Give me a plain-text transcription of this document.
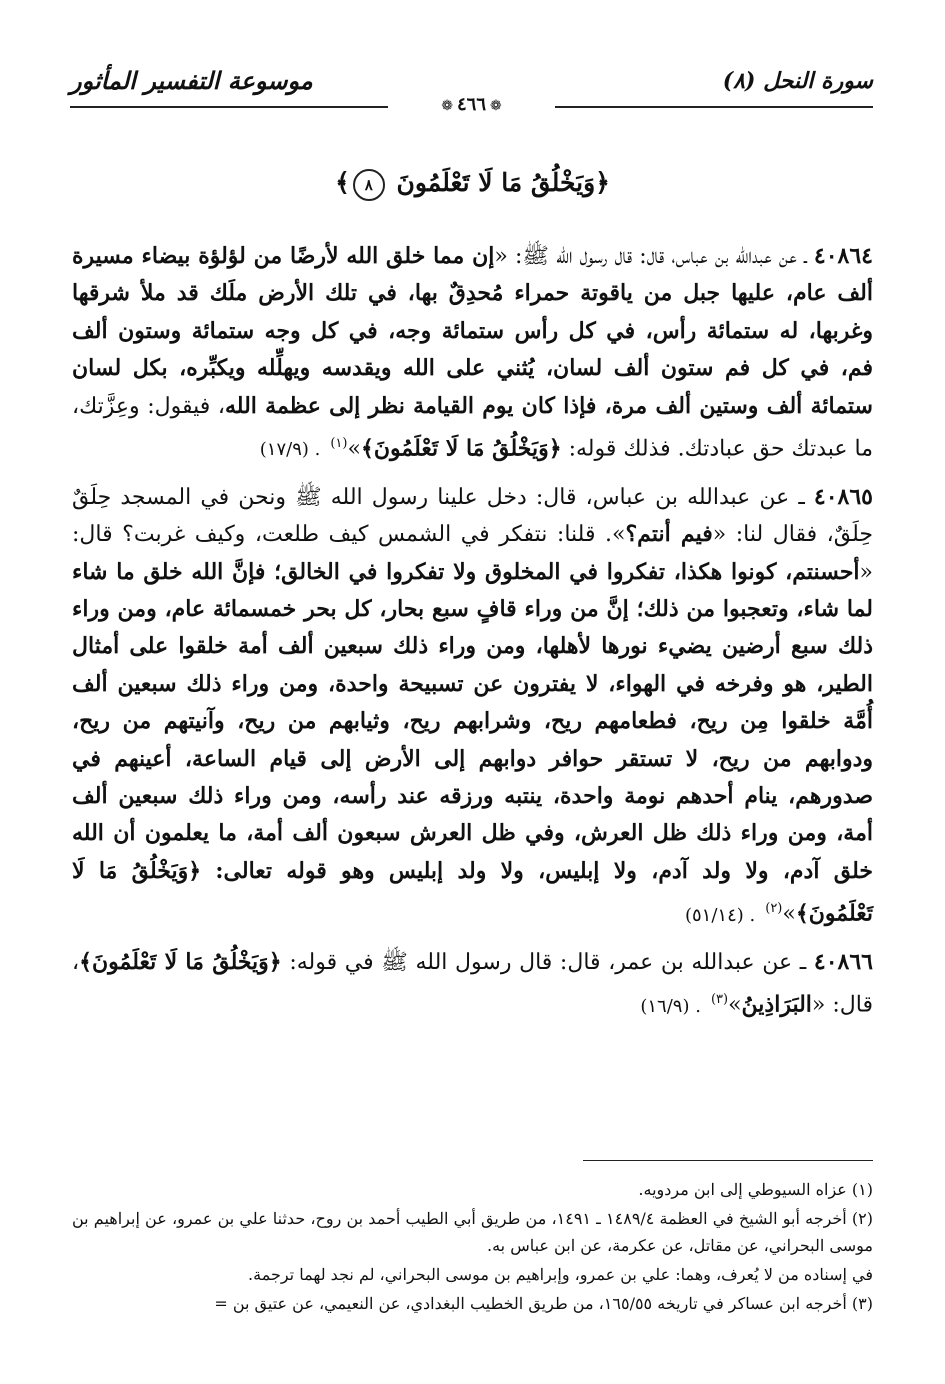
سورة النحل (٨)
موسوعة التفسير المأثور
❁٤٦٦❁
﴿وَيَخْلُقُ مَا لَا تَعْلَمُونَ ٨﴾

٤٠٨٦٤ ـ عن عبدالله بن عباس، قال: قال رسول الله ﷺ: «إن مما خلق الله لأرضًا من لؤلؤة بيضاء مسيرة ألف عام، عليها جبل من ياقوتة حمراء مُحدِقٌ بها، في تلك الأرض ملَك قد ملأ شرقها وغربها، له ستمائة رأس، في كل رأس ستمائة وجه، في كل وجه ستمائة وستون ألف فم، في كل فم ستون ألف لسان، يُثني على الله ويقدسه ويهلِّله ويكبِّره، بكل لسان ستمائة ألف وستين ألف مرة، فإذا كان يوم القيامة نظر إلى عظمة الله، فيقول: وعِزَّتك، ما عبدتك حق عبادتك. فذلك قوله: ﴿وَيَخْلُقُ مَا لَا تَعْلَمُونَ﴾»$^{(١)}$. (١٧/٩)

٤٠٨٦٥ ـ عن عبدالله بن عباس، قال: دخل علينا رسول الله ﷺ ونحن في المسجد حِلَقٌ حِلَقٌ، فقال لنا: «فيم أنتم؟». قلنا: نتفكر في الشمس كيف طلعت، وكيف غربت؟ قال: «أحسنتم، كونوا هكذا، تفكروا في المخلوق ولا تفكروا في الخالق؛ فإنَّ الله خلق ما شاء لما شاء، وتعجبوا من ذلك؛ إنَّ من وراء قافٍ سبع بحار، كل بحر خمسمائة عام، ومن وراء ذلك سبع أرضين يضيء نورها لأهلها، ومن وراء ذلك سبعين ألف أمة خلقوا على أمثال الطير، هو وفرخه في الهواء، لا يفترون عن تسبيحة واحدة، ومن وراء ذلك سبعين ألف أُمَّة خلقوا مِن ريح، فطعامهم ريح، وشرابهم ريح، وثيابهم من ريح، وآنيتهم من ريح، ودوابهم من ريح، لا تستقر حوافر دوابهم إلى الأرض إلى قيام الساعة، أعينهم في صدورهم، ينام أحدهم نومة واحدة، ينتبه ورزقه عند رأسه، ومن وراء ذلك سبعين ألف أمة، ومن وراء ذلك ظل العرش، وفي ظل العرش سبعون ألف أمة، ما يعلمون أن الله خلق آدم، ولا ولد آدم، ولا إبليس، ولا ولد إبليس وهو قوله تعالى: ﴿وَيَخْلُقُ مَا لَا تَعْلَمُونَ﴾»$^{(٢)}$. (٥١/١٤)

٤٠٨٦٦ ـ عن عبدالله بن عمر، قال: قال رسول الله ﷺ في قوله: ﴿وَيَخْلُقُ مَا لَا تَعْلَمُونَ﴾، قال: «البَرَاذِينُ»$^{(٣)}$. (١٦/٩)

(١) عزاه السيوطي إلى ابن مردويه.

(٢) أخرجه أبو الشيخ في العظمة ١٤٨٩/٤ ـ ١٤٩١، من طريق أبي الطيب أحمد بن روح، حدثنا علي بن عمرو، عن إبراهيم بن موسى البحراني، عن مقاتل، عن عكرمة، عن ابن عباس به.

في إسناده من لا يُعرف، وهما: علي بن عمرو، وإبراهيم بن موسى البحراني، لم نجد لهما ترجمة.

(٣) أخرجه ابن عساكر في تاريخه ١٦٥/٥٥، من طريق الخطيب البغدادي، عن النعيمي، عن عتيق بن =
